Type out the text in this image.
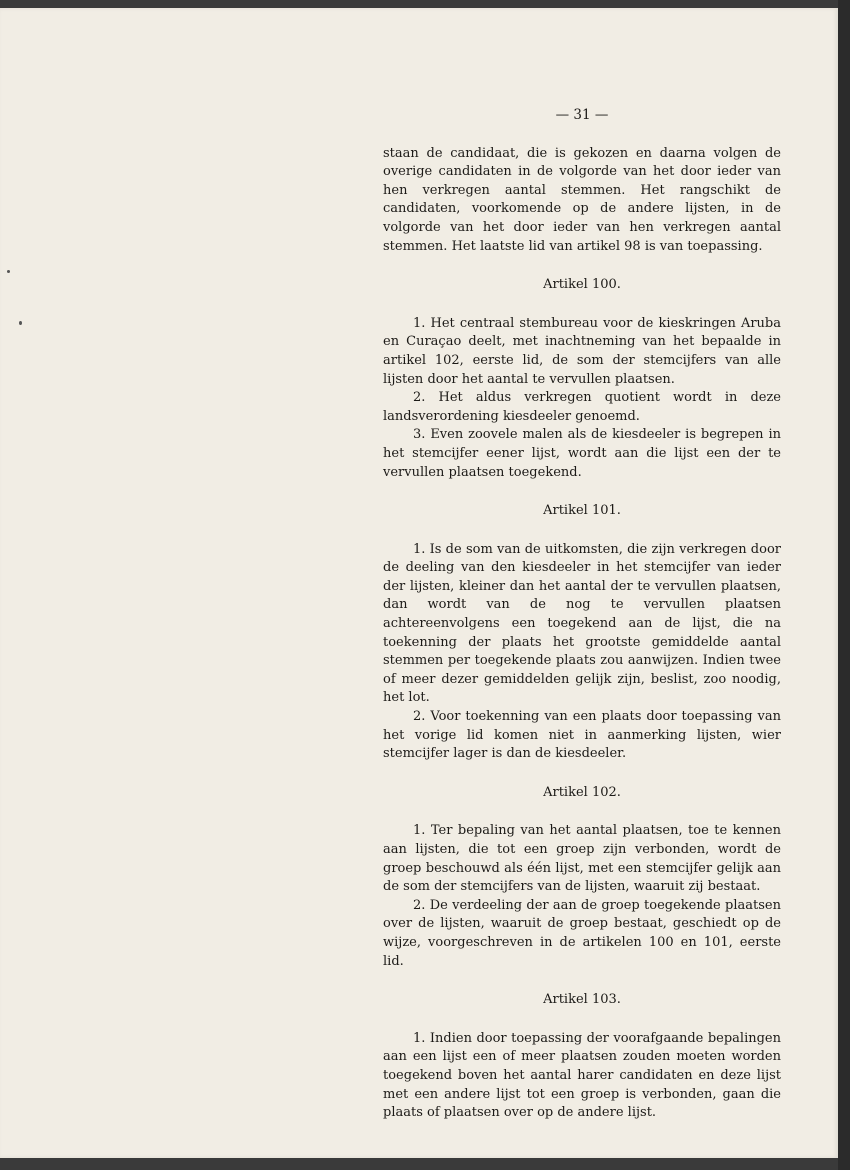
— 31 —

staan de candidaat, die is gekozen en daarna volgen de overige candidaten in de volgorde van het door ieder van hen verkregen aantal stemmen. Het rangschikt de candidaten, voorkomende op de andere lijsten, in de volgorde van het door ieder van hen verkregen aantal stemmen. Het laatste lid van artikel 98 is van toepassing.

Artikel 100.

1. Het centraal stembureau voor de kieskringen Aruba en Curaçao deelt, met inachtneming van het bepaalde in artikel 102, eerste lid, de som der stemcijfers van alle lijsten door het aantal te vervullen plaatsen.

2. Het aldus verkregen quotient wordt in deze landsverordening kiesdeeler genoemd.

3. Even zoovele malen als de kiesdeeler is begrepen in het stemcijfer eener lijst, wordt aan die lijst een der te vervullen plaatsen toegekend.

Artikel 101.

1. Is de som van de uitkomsten, die zijn verkregen door de deeling van den kiesdeeler in het stemcijfer van ieder der lijsten, kleiner dan het aantal der te vervullen plaatsen, dan wordt van de nog te vervullen plaatsen achtereenvolgens een toegekend aan de lijst, die na toekenning der plaats het grootste gemiddelde aantal stemmen per toegekende plaats zou aanwijzen. Indien twee of meer dezer gemiddelden gelijk zijn, beslist, zoo noodig, het lot.

2. Voor toekenning van een plaats door toepassing van het vorige lid komen niet in aanmerking lijsten, wier stemcijfer lager is dan de kiesdeeler.

Artikel 102.

1. Ter bepaling van het aantal plaatsen, toe te kennen aan lijsten, die tot een groep zijn verbonden, wordt de groep beschouwd als één lijst, met een stemcijfer gelijk aan de som der stemcijfers van de lijsten, waaruit zij bestaat.

2. De verdeeling der aan de groep toegekende plaatsen over de lijsten, waaruit de groep bestaat, geschiedt op de wijze, voorgeschreven in de artikelen 100 en 101, eerste lid.

Artikel 103.

1. Indien door toepassing der voorafgaande bepalingen aan een lijst een of meer plaatsen zouden moeten worden toegekend boven het aantal harer candidaten en deze lijst met een andere lijst tot een groep is verbonden, gaan die plaats of plaatsen over op de andere lijst.
